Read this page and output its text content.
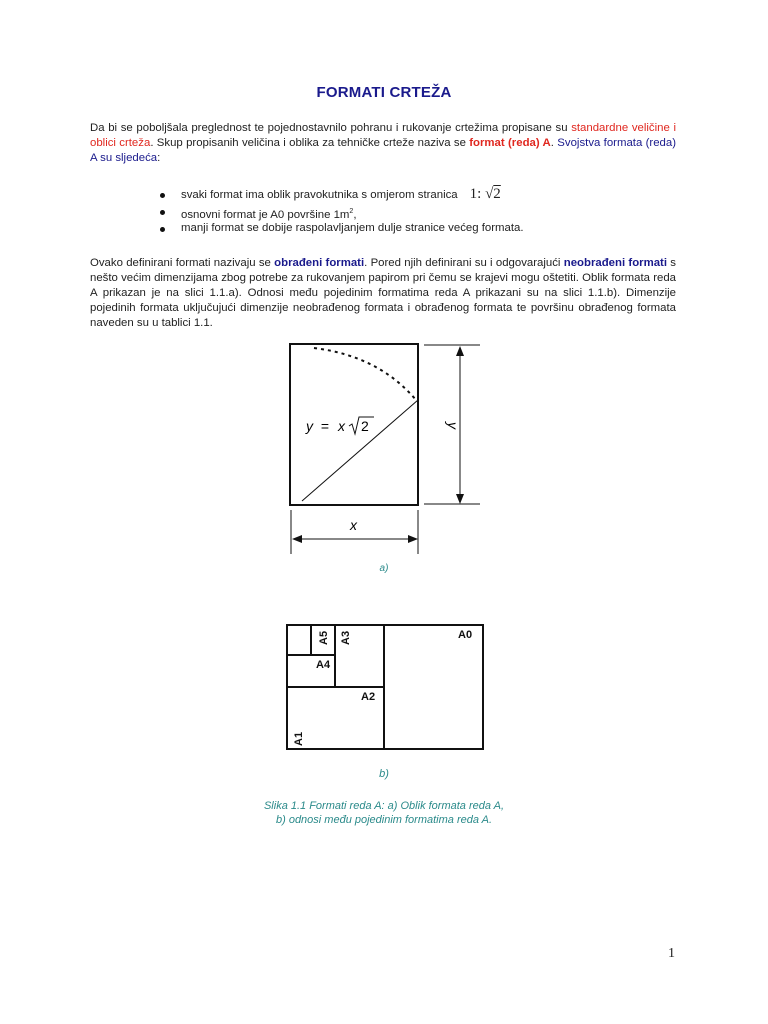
FORMATI CRTEŽA

Da bi se poboljšala preglednost te pojednostavnilo pohranu i rukovanje crtežima propisane su standardne veličine i oblici crteža. Skup propisanih veličina i oblika za tehničke crteže naziva se format (reda) A. Svojstva formata (reda) A su sljedeća:

svaki format ima oblik pravokutnika s omjerom stranica 1: √2
osnovni format je A0 površine $1m^2$,
manji format se dobije raspolavljanjem dulje stranice većeg formata.

Ovako definirani formati nazivaju se obrađeni formati. Pored njih definirani su i odgovarajući neobrađeni formati s nešto većim dimenzijama zbog potrebe za rukovanjem papirom pri čemu se krajevi mogu oštetiti. Oblik formata reda A prikazan je na slici 1.1.a). Odnosi među pojedinim formatima reda A prikazani su na slici 1.1.b). Dimenzije pojedinih formata uključujući dimenzije neobrađenog formata i obrađenog formata te površinu obrađenog formata naveden su u tablici 1.1.

y = x 2	y
x
a)
A0
A2
A4
A1
A3
A5
b)
Slika 1.1 Formati reda A: a) Oblik formata reda A,
b) odnosi među pojedinim formatima reda A.
1
